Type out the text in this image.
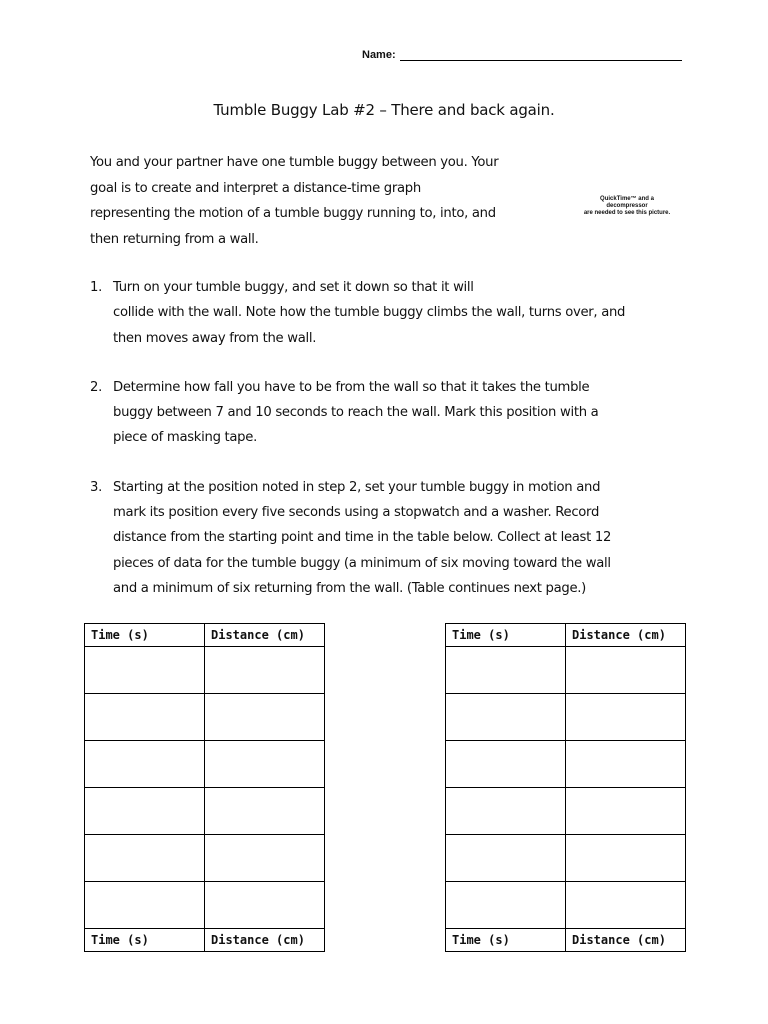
Name:
Tumble Buggy Lab #2 – There and back again.

You and your partner have one tumble buggy between you. Your
goal is to create and interpret a distance-time graph
representing the motion of a tumble buggy running to, into, and
then returning from a wall.

QuickTime™ and a
decompressor
are needed to see this picture.
1. Turn on your tumble buggy, and set it down so that it will
collide with the wall. Note how the tumble buggy climbs the wall, turns over, and
then moves away from the wall.
2. Determine how fall you have to be from the wall so that it takes the tumble
buggy between 7 and 10 seconds to reach the wall. Mark this position with a
piece of masking tape.
3. Starting at the position noted in step 2, set your tumble buggy in motion and
mark its position every five seconds using a stopwatch and a washer. Record
distance from the starting point and time in the table below. Collect at least 12
pieces of data for the tumble buggy (a minimum of six moving toward the wall
and a minimum of six returning from the wall. (Table continues next page.)
Time (s)	Distance (cm)

Time (s)	Distance (cm)
Time (s)	Distance (cm)

Time (s)	Distance (cm)
